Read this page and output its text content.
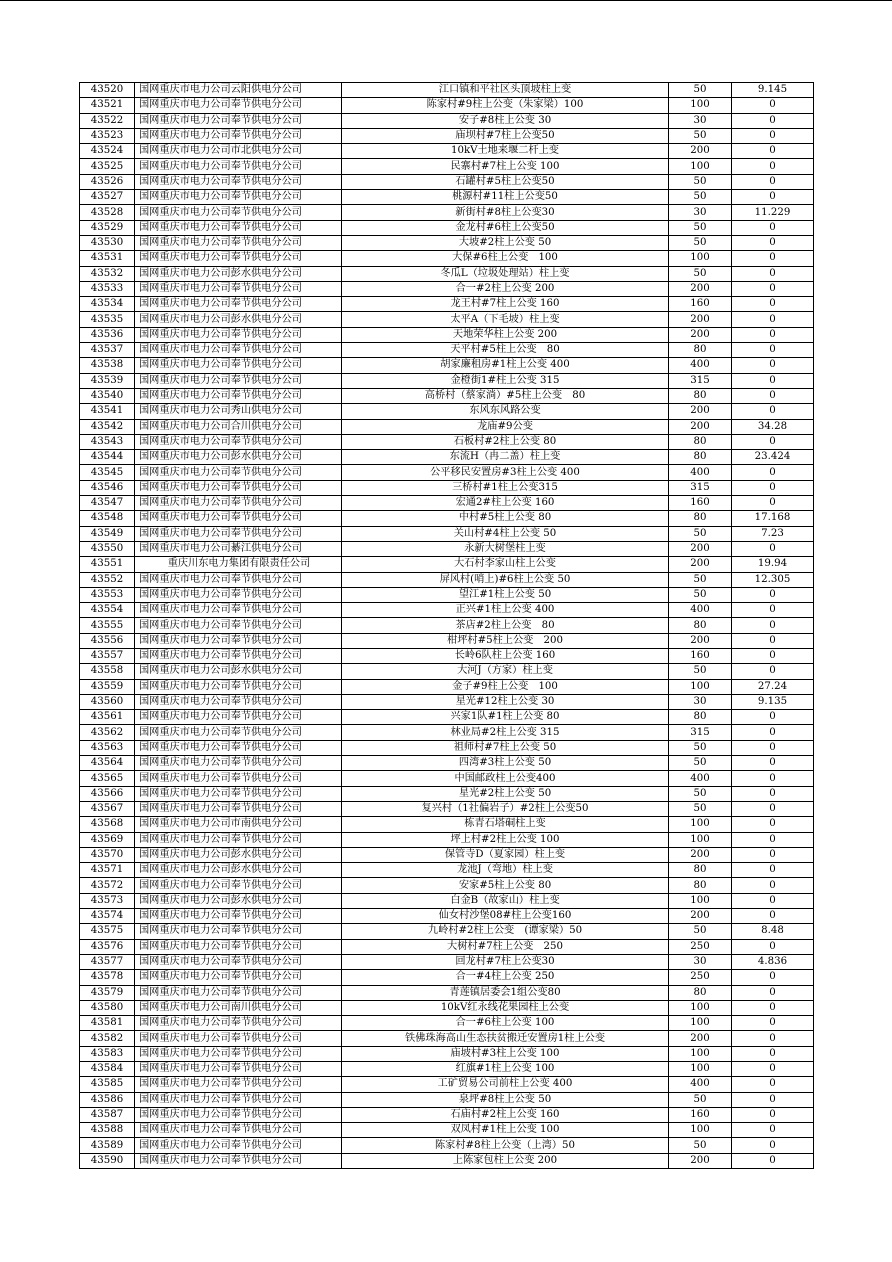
43520	国网重庆市电力公司云阳供电分公司	江口镇和平社区头顶坡柱上变	50	9.145
43521	国网重庆市电力公司奉节供电分公司	陈家村#9柱上公变（朱家梁）100	100	0
43522	国网重庆市电力公司奉节供电分公司	安子#8柱上公变 30	30	0
43523	国网重庆市电力公司奉节供电分公司	庙坝村#7柱上公变50	50	0
43524	国网重庆市电力公司市北供电分公司	10kV土地来堰二杆上变	200	0
43525	国网重庆市电力公司奉节供电分公司	民寨村#7柱上公变 100	100	0
43526	国网重庆市电力公司奉节供电分公司	石罐村#5柱上公变50	50	0
43527	国网重庆市电力公司奉节供电分公司	桃源村#11柱上公变50	50	0
43528	国网重庆市电力公司奉节供电分公司	新街村#8柱上公变30	30	11.229
43529	国网重庆市电力公司奉节供电分公司	金龙村#6柱上公变50	50	0
43530	国网重庆市电力公司奉节供电分公司	大坡#2柱上公变 50	50	0
43531	国网重庆市电力公司奉节供电分公司	大保#6柱上公变　100	100	0
43532	国网重庆市电力公司彭水供电分公司	冬瓜L（垃圾处理站）柱上变	50	0
43533	国网重庆市电力公司奉节供电分公司	合一#2柱上公变 200	200	0
43534	国网重庆市电力公司奉节供电分公司	龙王村#7柱上公变 160	160	0
43535	国网重庆市电力公司彭水供电分公司	太平A（下毛坡）柱上变	200	0
43536	国网重庆市电力公司奉节供电分公司	天地荣华柱上公变 200	200	0
43537	国网重庆市电力公司奉节供电分公司	天平村#5柱上公变　80	80	0
43538	国网重庆市电力公司奉节供电分公司	胡家廉租房#1柱上公变 400	400	0
43539	国网重庆市电力公司奉节供电分公司	金橙街1#柱上公变 315	315	0
43540	国网重庆市电力公司奉节供电分公司	高桥村（蔡家淌）#5柱上公变　80	80	0
43541	国网重庆市电力公司秀山供电分公司	东风东风路公变	200	0
43542	国网重庆市电力公司合川供电分公司	龙庙#9公变	200	34.28
43543	国网重庆市电力公司奉节供电分公司	石板村#2柱上公变 80	80	0
43544	国网重庆市电力公司彭水供电分公司	东流H（冉二盖）柱上变	80	23.424
43545	国网重庆市电力公司奉节供电分公司	公平移民安置房#3柱上公变 400	400	0
43546	国网重庆市电力公司奉节供电分公司	三桥村#1柱上公变315	315	0
43547	国网重庆市电力公司奉节供电分公司	宏通2#柱上公变 160	160	0
43548	国网重庆市电力公司奉节供电分公司	中村#5柱上公变 80	80	17.168
43549	国网重庆市电力公司奉节供电分公司	关山村#4柱上公变 50	50	7.23
43550	国网重庆市电力公司綦江供电分公司	永新大树堡柱上变	200	0
43551	重庆川东电力集团有限责任公司	大石村李家山柱上公变	200	19.94
43552	国网重庆市电力公司奉节供电分公司	屏风村(哨上)#6柱上公变 50	50	12.305
43553	国网重庆市电力公司奉节供电分公司	望江#1柱上公变 50	50	0
43554	国网重庆市电力公司奉节供电分公司	正兴#1柱上公变 400	400	0
43555	国网重庆市电力公司奉节供电分公司	茶店#2柱上公变　80	80	0
43556	国网重庆市电力公司奉节供电分公司	柑坪村#5柱上公变　200	200	0
43557	国网重庆市电力公司奉节供电分公司	长岭6队柱上公变 160	160	0
43558	国网重庆市电力公司彭水供电分公司	大河J（方家）柱上变	50	0
43559	国网重庆市电力公司奉节供电分公司	金子#9柱上公变　100	100	27.24
43560	国网重庆市电力公司奉节供电分公司	星光#12柱上公变 30	30	9.135
43561	国网重庆市电力公司奉节供电分公司	兴家1队#1柱上公变 80	80	0
43562	国网重庆市电力公司奉节供电分公司	林业局#2柱上公变 315	315	0
43563	国网重庆市电力公司奉节供电分公司	祖师村#7柱上公变 50	50	0
43564	国网重庆市电力公司奉节供电分公司	四湾#3柱上公变 50	50	0
43565	国网重庆市电力公司奉节供电分公司	中国邮政柱上公变400	400	0
43566	国网重庆市电力公司奉节供电分公司	星光#2柱上公变 50	50	0
43567	国网重庆市电力公司奉节供电分公司	复兴村（1社偏岩子）#2柱上公变50	50	0
43568	国网重庆市电力公司市南供电分公司	栋青石塔硐柱上变	100	0
43569	国网重庆市电力公司奉节供电分公司	坪上村#2柱上公变 100	100	0
43570	国网重庆市电力公司彭水供电分公司	保管寺D（夏家园）柱上变	200	0
43571	国网重庆市电力公司彭水供电分公司	龙池J（弯地）柱上变	80	0
43572	国网重庆市电力公司奉节供电分公司	安家#5柱上公变 80	80	0
43573	国网重庆市电力公司彭水供电分公司	白金B（故家山）柱上变	100	0
43574	国网重庆市电力公司奉节供电分公司	仙女村沙堡08#柱上公变160	200	0
43575	国网重庆市电力公司奉节供电分公司	九岭村#2柱上公变　(谭家梁）50	50	8.48
43576	国网重庆市电力公司奉节供电分公司	大树村#7柱上公变　250	250	0
43577	国网重庆市电力公司奉节供电分公司	回龙村#7柱上公变30	30	4.836
43578	国网重庆市电力公司奉节供电分公司	合一#4柱上公变 250	250	0
43579	国网重庆市电力公司奉节供电分公司	青莲镇居委会1组公变80	80	0
43580	国网重庆市电力公司南川供电分公司	10kV红永线花果园柱上公变	100	0
43581	国网重庆市电力公司奉节供电分公司	合一#6柱上公变 100	100	0
43582	国网重庆市电力公司奉节供电分公司	铁佛珠海高山生态扶贫搬迁安置房1柱上公变	200	0
43583	国网重庆市电力公司奉节供电分公司	庙坡村#3柱上公变 100	100	0
43584	国网重庆市电力公司奉节供电分公司	红旗#1柱上公变 100	100	0
43585	国网重庆市电力公司奉节供电分公司	工矿贸易公司前柱上公变 400	400	0
43586	国网重庆市电力公司奉节供电分公司	泉坪#8柱上公变 50	50	0
43587	国网重庆市电力公司奉节供电分公司	石庙村#2柱上公变 160	160	0
43588	国网重庆市电力公司奉节供电分公司	双凤村#1柱上公变 100	100	0
43589	国网重庆市电力公司奉节供电分公司	陈家村#8柱上公变（上湾）50	50	0
43590	国网重庆市电力公司奉节供电分公司	上陈家包柱上公变 200	200	0
